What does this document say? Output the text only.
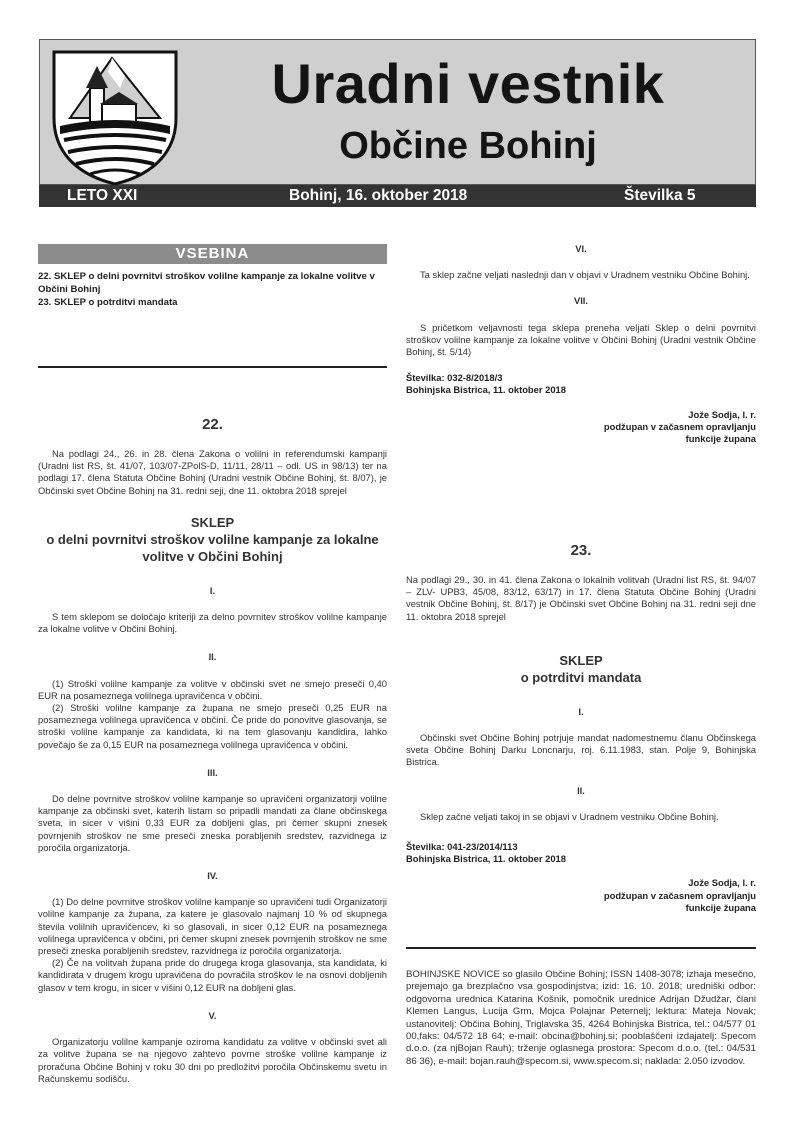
Uradni vestnik
Občine Bohinj
LETO XXI	Bohinj, 16. oktober 2018	Številka 5
VSEBINA
22. SKLEP o delni povrnitvi stroškov volilne kampanje za lokalne volitve v Občini Bohinj
23. SKLEP o potrditvi mandata
22.

Na podlagi 24., 26. in 28. člena Zakona o volilni in referendumski kampanji (Uradni list RS, št. 41/07, 103/07-ZPolS-D, 11/11, 28/11 – odl. US in 98/13) ter na podlagi 17. člena Statuta Občine Bohinj (Uradni vestnik Občine Bohinj, št. 8/07), je Občinski svet Občine Bohinj na 31. redni seji, dne 11. oktobra 2018 sprejel

SKLEP
o delni povrnitvi stroškov volilne kampanje za lokalne volitve v Občini Bohinj
I.

S tem sklepom se določajo kriteriji za delno povrnitev stroškov volilne kampanje za lokalne volitve v Občini Bohinj.

II.

(1) Stroški volilne kampanje za volitve v občinski svet ne smejo preseči 0,40 EUR na posameznega volilnega upravičenca v občini.

(2) Stroški volilne kampanje za župana ne smejo preseči 0,25 EUR na posameznega volilnega upravičenca v občini. Če pride do ponovitve glasovanja, se stroški volilne kampanje za kandidata, ki na tem glasovanju kandidira, lahko povečajo še za 0,15 EUR na posameznega volilnega upravičenca v občini.

III.

Do delne povrnitve stroškov volilne kampanje so upravičeni organizatorji volilne kampanje za občinski svet, katerih listam so pripadli mandati za člane občinskega sveta, in sicer v višini 0,33 EUR za dobljeni glas, pri čemer skupni znesek povrnjenih stroškov ne sme preseči zneska porabljenih sredstev, razvidnega iz poročila organizatorja.

IV.

(1) Do delne povrnitve stroškov volilne kampanje so upravičeni tudi Organizatorji volilne kampanje za župana, za katere je glasovalo najmanj 10 % od skupnega števila volilnih upravičencev, ki so glasovali, in sicer 0,12 EUR na posameznega volilnega upravičenca v občini, pri čemer skupni znesek povrnjenih stroškov ne sme preseči zneska porabljenih sredstev, razvidnega iz poročila organizatorja.

(2) Če na volitvah župana pride do drugega kroga glasovanja, sta kandidata, ki kandidirata v drugem krogu upravičena do povračila stroškov le na osnovi dobljenih glasov v tem krogu, in sicer v višini 0,12 EUR na dobljeni glas.

V.

Organizatorju volilne kampanje oziroma kandidatu za volitve v občinski svet ali za volitve župana se na njegovo zahtevo povrne stroške volilne kampanje iz proračuna Občine Bohinj v roku 30 dni po predložitvi poročila Občinskemu svetu in Računskemu sodišču.

VI.

Ta sklep začne veljati naslednji dan v objavi v Uradnem vestniku Občine Bohinj.

VII.

S pričetkom veljavnosti tega sklepa preneha veljati Sklep o delni povrnitvi stroškov volilne kampanje za lokalne volitve v Občini Bohinj (Uradni vestnik Občine Bohinj, št. 5/14)

Številka: 032-8/2018/3
Bohinjska Bistrica, 11. oktober 2018
Jože Sodja, l. r.
podžupan v začasnem opravljanju
funkcije župana
23.

Na podlagi 29., 30. in 41. člena Zakona o lokalnih volitvah (Uradni list RS, št. 94/07 – ZLV- UPB3, 45/08, 83/12, 63/17) in 17. člena Statuta Občine Bohinj (Uradni vestnik Občine Bohinj, št. 8/17) je Občinski svet Občine Bohinj na 31. redni seji dne 11. oktobra 2018 sprejel

SKLEP
o potrditvi mandata
I.

Občinski svet Občine Bohinj potrjuje mandat nadomestnemu članu Občinskega sveta Občine Bohinj Darku Loncnarju, roj. 6.11.1983, stan. Polje 9, Bohinjska Bistrica.

II.

Sklep začne veljati takoj in se objavi v Uradnem vestniku Občine Bohinj.

Številka: 041-23/2014/113
Bohinjska Bistrica, 11. oktober 2018
Jože Sodja, l. r.
podžupan v začasnem opravljanju
funkcije župana

BOHINJSKE NOVICE so glasilo Občine Bohinj; ISSN 1408-3078; izhaja mesečno, prejemajo ga brezplačno vsa gospodinjstva; izid: 16. 10. 2018; uredniški odbor: odgovorna urednica Katarina Košnik, pomočnik urednice Adrijan Džudžar, člani Klemen Langus, Lucija Grm, Mojca Polajnar Peternelj; lektura: Mateja Novak; ustanovitelj: Občina Bohinj, Triglavska 35, 4264 Bohinjska Bistrica, tel.: 04/577 01 00,faks: 04/572 18 64; e-mail: obcina@bohinj.si; pooblaščeni izdajatelj: Specom d.o.o. (za njBojan Rauh); trženje oglasnega prostora: Specom d.o.o. (tel.: 04/531 86 36), e-mail: bojan.rauh@specom.si, www.specom.si; naklada: 2.050 izvodov.
